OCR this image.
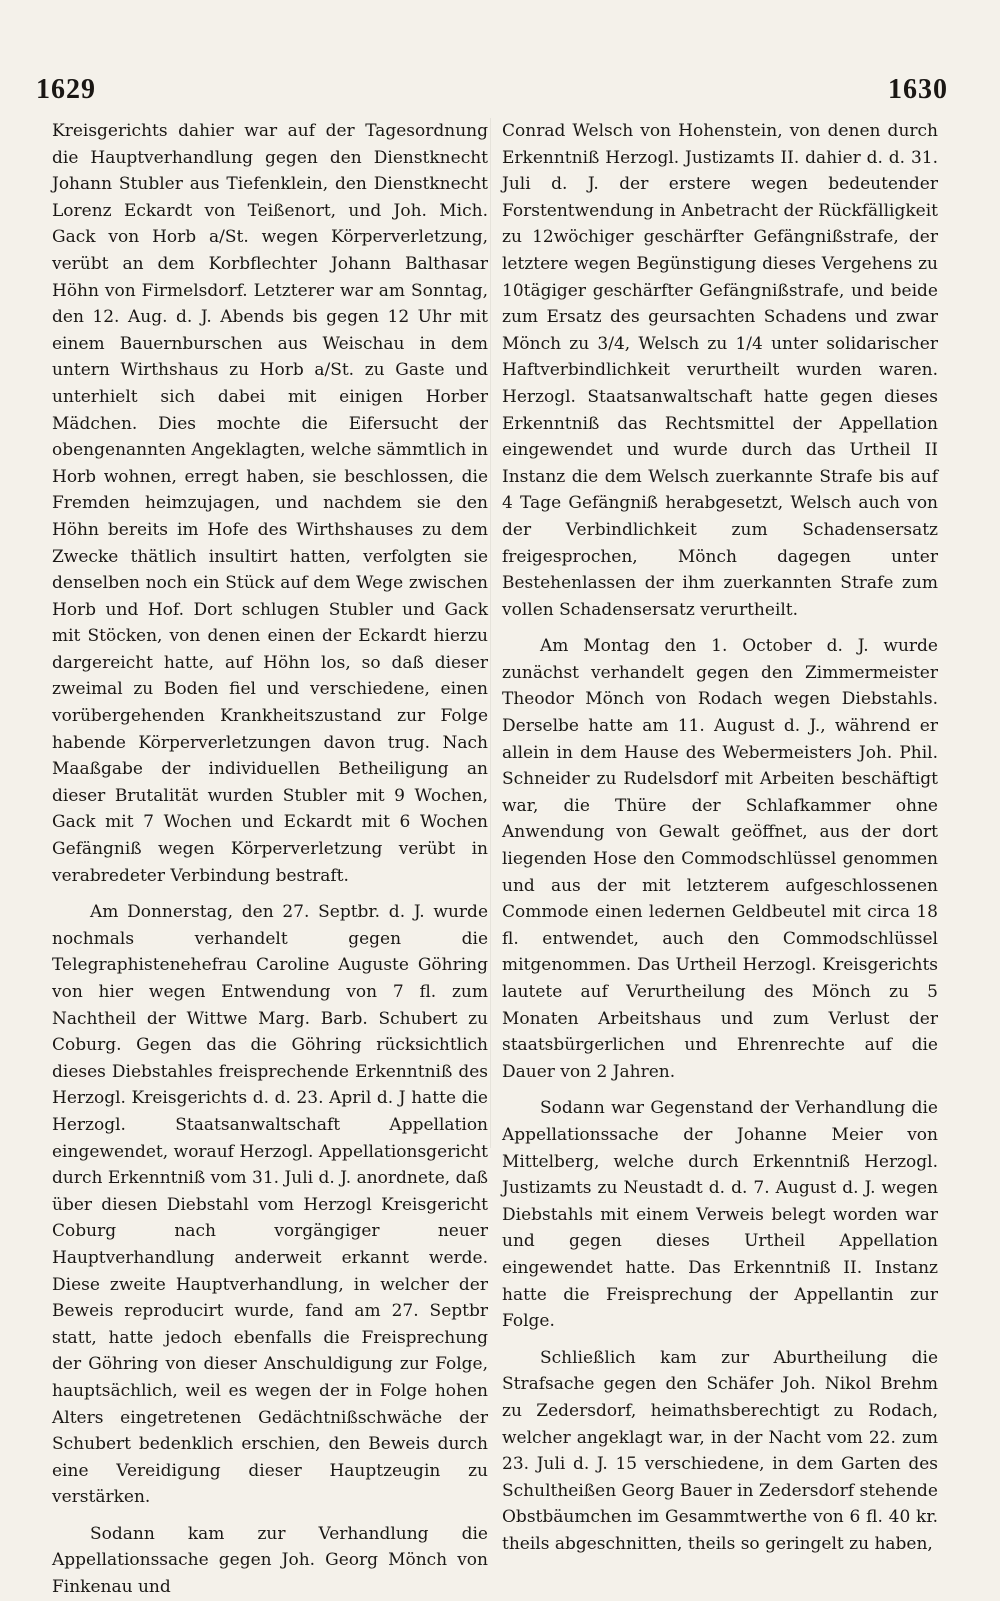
1629	1630

Kreisgerichts dahier war auf der Tagesordnung die Hauptverhandlung gegen den Dienstknecht Johann Stubler aus Tiefenklein, den Dienstknecht Lorenz Eckardt von Teißenort, und Joh. Mich. Gack von Horb a/St. wegen Körperverletzung, verübt an dem Korbflechter Johann Balthasar Höhn von Firmelsdorf. Letzterer war am Sonntag, den 12. Aug. d. J. Abends bis gegen 12 Uhr mit einem Bauernburschen aus Weischau in dem untern Wirthshaus zu Horb a/St. zu Gaste und unterhielt sich dabei mit einigen Horber Mädchen. Dies mochte die Eifersucht der obengenannten Angeklagten, welche sämmtlich in Horb wohnen, erregt haben, sie beschlossen, die Fremden heimzujagen, und nachdem sie den Höhn bereits im Hofe des Wirthshauses zu dem Zwecke thätlich insultirt hatten, verfolgten sie denselben noch ein Stück auf dem Wege zwischen Horb und Hof. Dort schlugen Stubler und Gack mit Stöcken, von denen einen der Eckardt hierzu dargereicht hatte, auf Höhn los, so daß dieser zweimal zu Boden fiel und verschiedene, einen vorübergehenden Krankheitszustand zur Folge habende Körperverletzungen davon trug. Nach Maaßgabe der individuellen Betheiligung an dieser Brutalität wurden Stubler mit 9 Wochen, Gack mit 7 Wochen und Eckardt mit 6 Wochen Gefängniß wegen Körperverletzung verübt in verabredeter Verbindung bestraft.

Am Donnerstag, den 27. Septbr. d. J. wurde nochmals verhandelt gegen die Telegraphistenehefrau Caroline Auguste Göhring von hier wegen Entwendung von 7 fl. zum Nachtheil der Wittwe Marg. Barb. Schubert zu Coburg. Gegen das die Göhring rücksichtlich dieses Diebstahles freisprechende Erkenntniß des Herzogl. Kreisgerichts d. d. 23. April d. J hatte die Herzogl. Staatsanwaltschaft Appellation eingewendet, worauf Herzogl. Appellationsgericht durch Erkenntniß vom 31. Juli d. J. anordnete, daß über diesen Diebstahl vom Herzogl Kreisgericht Coburg nach vorgängiger neuer Hauptverhandlung anderweit erkannt werde. Diese zweite Hauptverhandlung, in welcher der Beweis reproducirt wurde, fand am 27. Septbr statt, hatte jedoch ebenfalls die Freisprechung der Göhring von dieser Anschuldigung zur Folge, hauptsächlich, weil es wegen der in Folge hohen Alters eingetretenen Gedächtnißschwäche der Schubert bedenklich erschien, den Beweis durch eine Vereidigung dieser Hauptzeugin zu verstärken.

Sodann kam zur Verhandlung die Appellationssache gegen Joh. Georg Mönch von Finkenau und

Conrad Welsch von Hohenstein, von denen durch Erkenntniß Herzogl. Justizamts II. dahier d. d. 31. Juli d. J. der erstere wegen bedeutender Forstentwendung in Anbetracht der Rückfälligkeit zu 12wöchiger geschärfter Gefängnißstrafe, der letztere wegen Begünstigung dieses Vergehens zu 10tägiger geschärfter Gefängnißstrafe, und beide zum Ersatz des geursachten Schadens und zwar Mönch zu 3/4, Welsch zu 1/4 unter solidarischer Haftverbindlichkeit verurtheilt wurden waren. Herzogl. Staatsanwaltschaft hatte gegen dieses Erkenntniß das Rechtsmittel der Appellation eingewendet und wurde durch das Urtheil II Instanz die dem Welsch zuerkannte Strafe bis auf 4 Tage Gefängniß herabgesetzt, Welsch auch von der Verbindlichkeit zum Schadensersatz freigesprochen, Mönch dagegen unter Bestehenlassen der ihm zuerkannten Strafe zum vollen Schadensersatz verurtheilt.

Am Montag den 1. October d. J. wurde zunächst verhandelt gegen den Zimmermeister Theodor Mönch von Rodach wegen Diebstahls. Derselbe hatte am 11. August d. J., während er allein in dem Hause des Webermeisters Joh. Phil. Schneider zu Rudelsdorf mit Arbeiten beschäftigt war, die Thüre der Schlafkammer ohne Anwendung von Gewalt geöffnet, aus der dort liegenden Hose den Commodschlüssel genommen und aus der mit letzterem aufgeschlossenen Commode einen ledernen Geldbeutel mit circa 18 fl. entwendet, auch den Commodschlüssel mitgenommen. Das Urtheil Herzogl. Kreisgerichts lautete auf Verurtheilung des Mönch zu 5 Monaten Arbeitshaus und zum Verlust der staatsbürgerlichen und Ehrenrechte auf die Dauer von 2 Jahren.

Sodann war Gegenstand der Verhandlung die Appellationssache der Johanne Meier von Mittelberg, welche durch Erkenntniß Herzogl. Justizamts zu Neustadt d. d. 7. August d. J. wegen Diebstahls mit einem Verweis belegt worden war und gegen dieses Urtheil Appellation eingewendet hatte. Das Erkenntniß II. Instanz hatte die Freisprechung der Appellantin zur Folge.

Schließlich kam zur Aburtheilung die Strafsache gegen den Schäfer Joh. Nikol Brehm zu Zedersdorf, heimathsberechtigt zu Rodach, welcher angeklagt war, in der Nacht vom 22. zum 23. Juli d. J. 15 verschiedene, in dem Garten des Schultheißen Georg Bauer in Zedersdorf stehende Obstbäumchen im Gesammtwerthe von 6 fl. 40 kr. theils abgeschnitten, theils so geringelt zu haben,
